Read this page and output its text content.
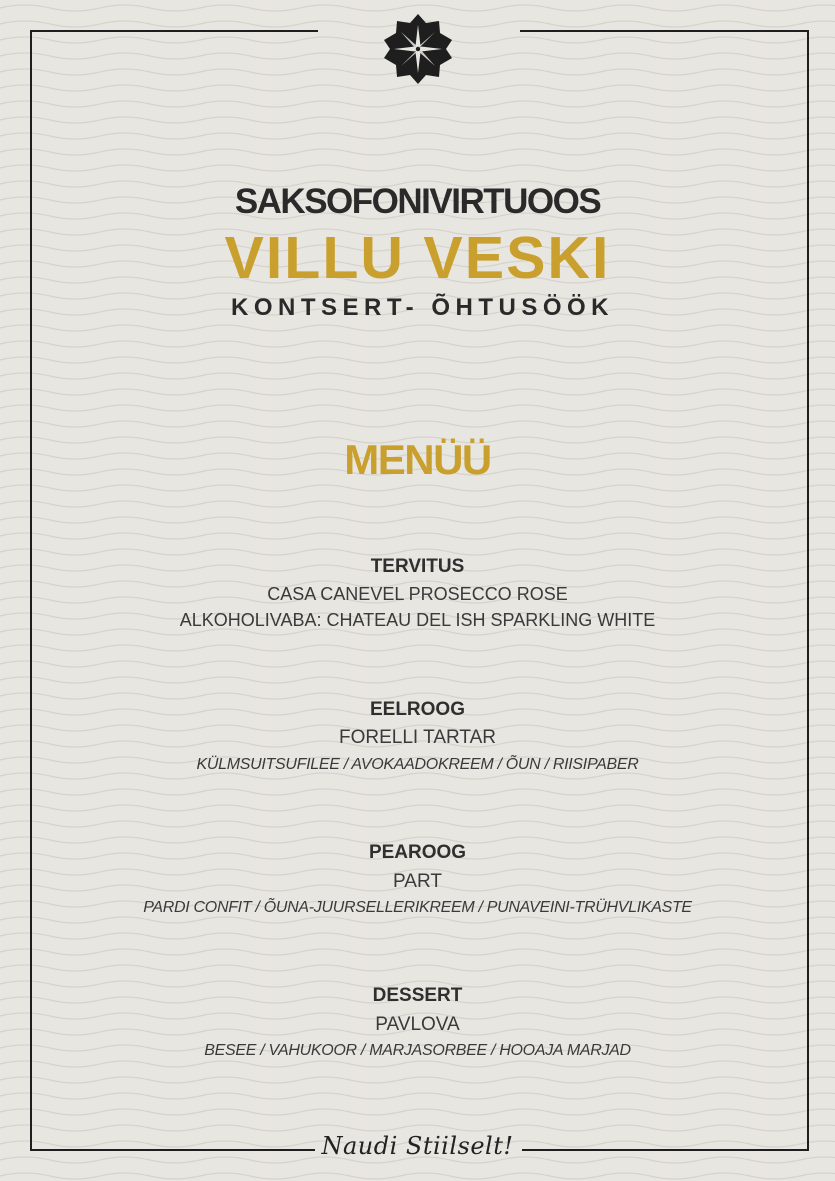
SAKSOFONIVIRTUOOS
VILLU VESKI
KONTSERT- ÕHTUSÖÖK
MENÜÜ
TERVITUS
CASA CANEVEL PROSECCO ROSE
ALKOHOLIVABA: CHATEAU DEL ISH SPARKLING WHITE
EELROOG
FORELLI TARTAR
KÜLMSUITSUFILEE / AVOKAADOKREEM / ÕUN / RIISIPABER
PEAROOG
PART
PARDI CONFIT / ÕUNA-JUURSELLERIKREEM / PUNAVEINI-TRÜHVLIKASTE
DESSERT
PAVLOVA
BESEE / VAHUKOOR / MARJASORBEE / HOOAJA MARJAD
Naudi Stiilselt!
